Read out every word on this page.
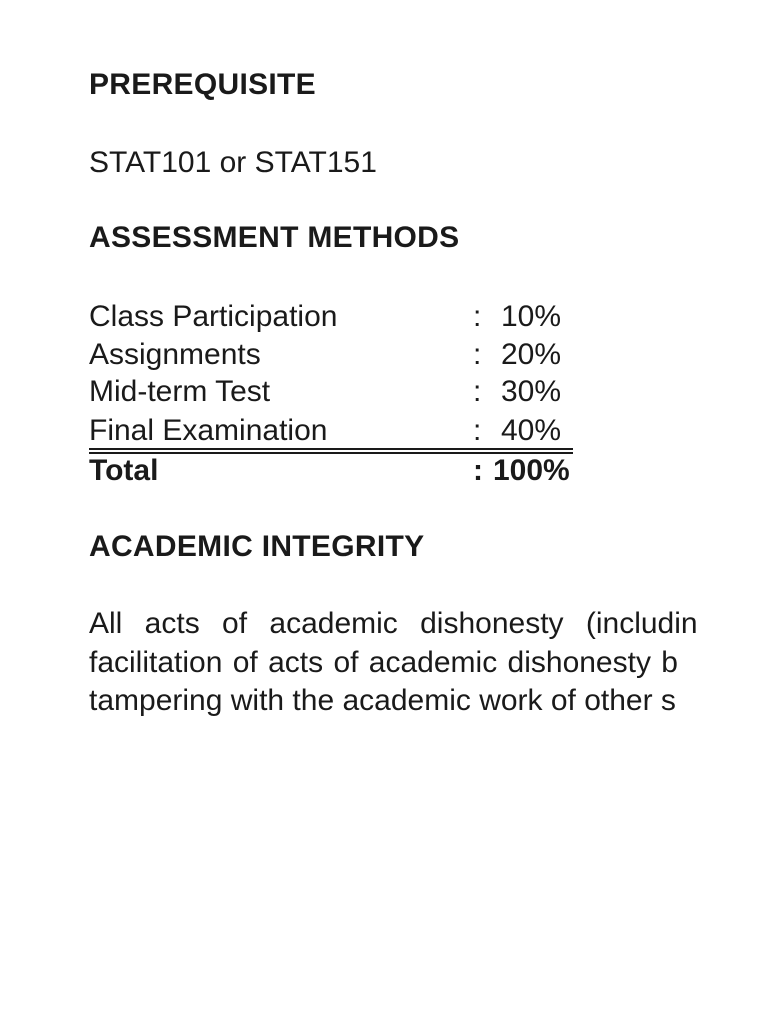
PREREQUISITE
STAT101 or STAT151
ASSESSMENT METHODS
Class Participation	: 10%
Assignments	: 20%
Mid-term Test	: 30%
Final Examination	: 40%
Total	: 100%
ACADEMIC INTEGRITY
All acts of academic dishonesty (includin
facilitation of acts of academic dishonesty b
tampering with the academic work of other s
